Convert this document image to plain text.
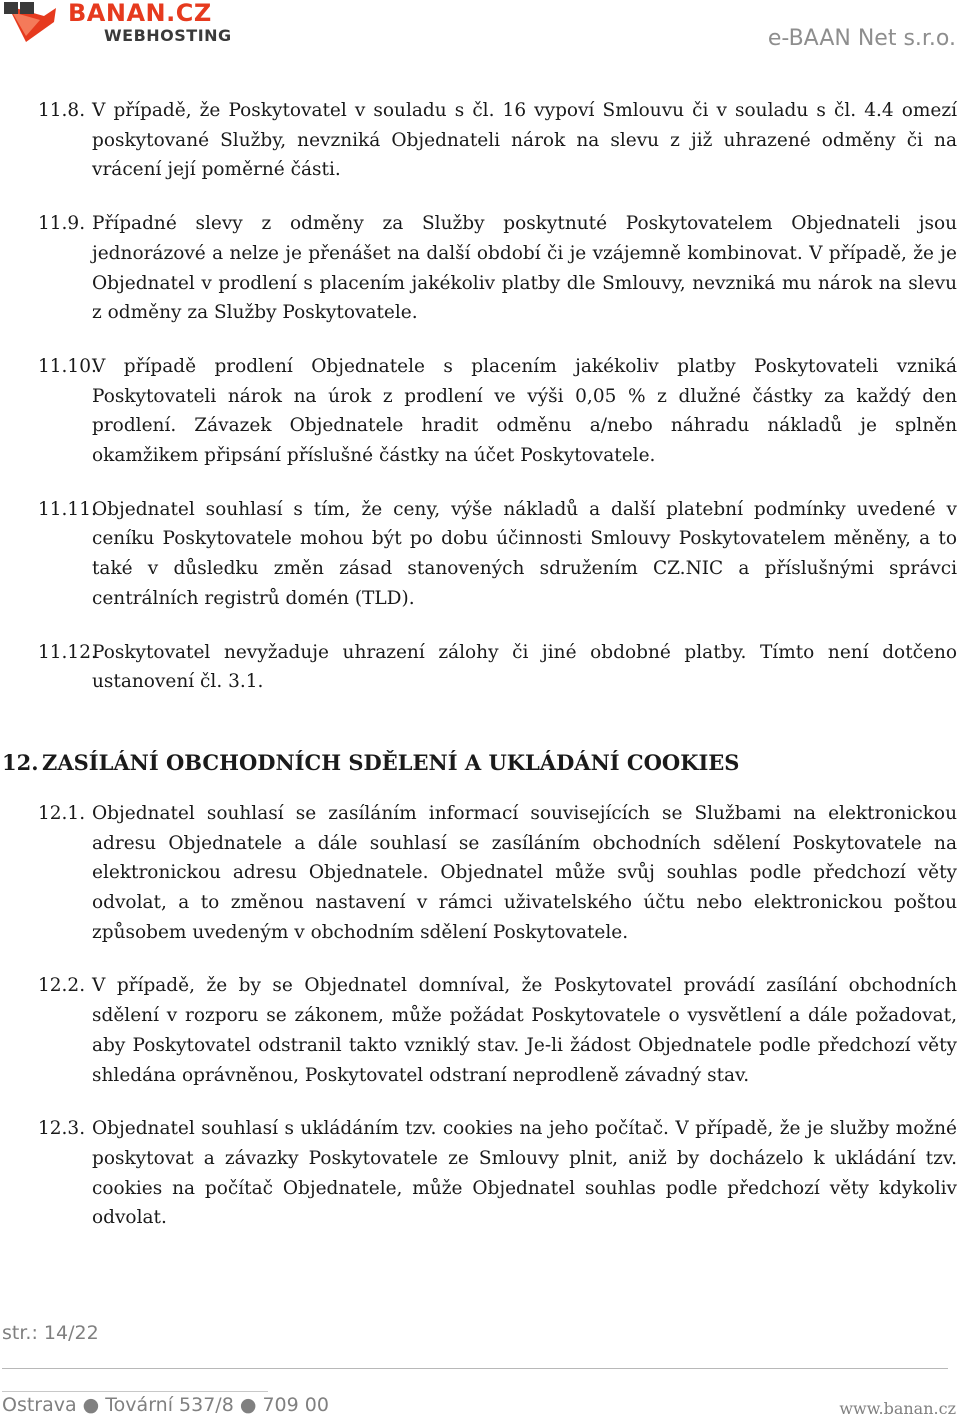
BANAN.CZ
WEBHOSTING	e-BAAN Net s.r.o.
11.8. V případě, že Poskytovatel v souladu s čl. 16 vypoví Smlouvu či v souladu s čl. 4.4 omezí poskytované Služby, nevzniká Objednateli nárok na slevu z již uhrazené odměny či na vrácení její poměrné části.
11.9. Případné slevy z odměny za Služby poskytnuté Poskytovatelem Objednateli jsou jednorázové a nelze je přenášet na další období či je vzájemně kombinovat. V případě, že je Objednatel v prodlení s placením jakékoliv platby dle Smlouvy, nevzniká mu nárok na slevu z odměny za Služby Poskytovatele.
11.10.
V případě prodlení Objednatele s placením jakékoliv platby Poskytovateli vzniká Poskytovateli nárok na úrok z prodlení ve výši 0,05 % z dlužné částky za každý den prodlení. Závazek Objednatele hradit odměnu a/nebo náhradu nákladů je splněn okamžikem připsání příslušné částky na účet Poskytovatele.
11.11.
Objednatel souhlasí s tím, že ceny, výše nákladů a další platební podmínky uvedené v ceníku Poskytovatele mohou být po dobu účinnosti Smlouvy Poskytovatelem měněny, a to také v důsledku změn zásad stanovených sdružením CZ.NIC a příslušnými správci centrálních registrů domén (TLD).
11.12.
Poskytovatel nevyžaduje uhrazení zálohy či jiné obdobné platby. Tímto není dotčeno ustanovení čl. 3.1.
12. ZASÍLÁNÍ OBCHODNÍCH SDĚLENÍ A UKLÁDÁNÍ COOKIES
12.1. Objednatel souhlasí se zasíláním informací souvisejících se Službami na elektronickou adresu Objednatele a dále souhlasí se zasíláním obchodních sdělení Poskytovatele na elektronickou adresu Objednatele. Objednatel může svůj souhlas podle předchozí věty odvolat, a to změnou nastavení v rámci uživatelského účtu nebo elektronickou poštou způsobem uvedeným v obchodním sdělení Poskytovatele.
12.2. V případě, že by se Objednatel domníval, že Poskytovatel provádí zasílání obchodních sdělení v rozporu se zákonem, může požádat Poskytovatele o vysvětlení a dále požadovat, aby Poskytovatel odstranil takto vzniklý stav. Je-li žádost Objednatele podle předchozí věty shledána oprávněnou, Poskytovatel odstraní neprodleně závadný stav.
12.3. Objednatel souhlasí s ukládáním tzv. cookies na jeho počítač. V případě, že je služby možné poskytovat a závazky Poskytovatele ze Smlouvy plnit, aniž by docházelo k ukládání tzv. cookies na počítač Objednatele, může Objednatel souhlas podle předchozí věty kdykoliv odvolat.
str.: 14/22
Ostrava ● Tovární 537/8 ● 709 00	www.banan.cz
